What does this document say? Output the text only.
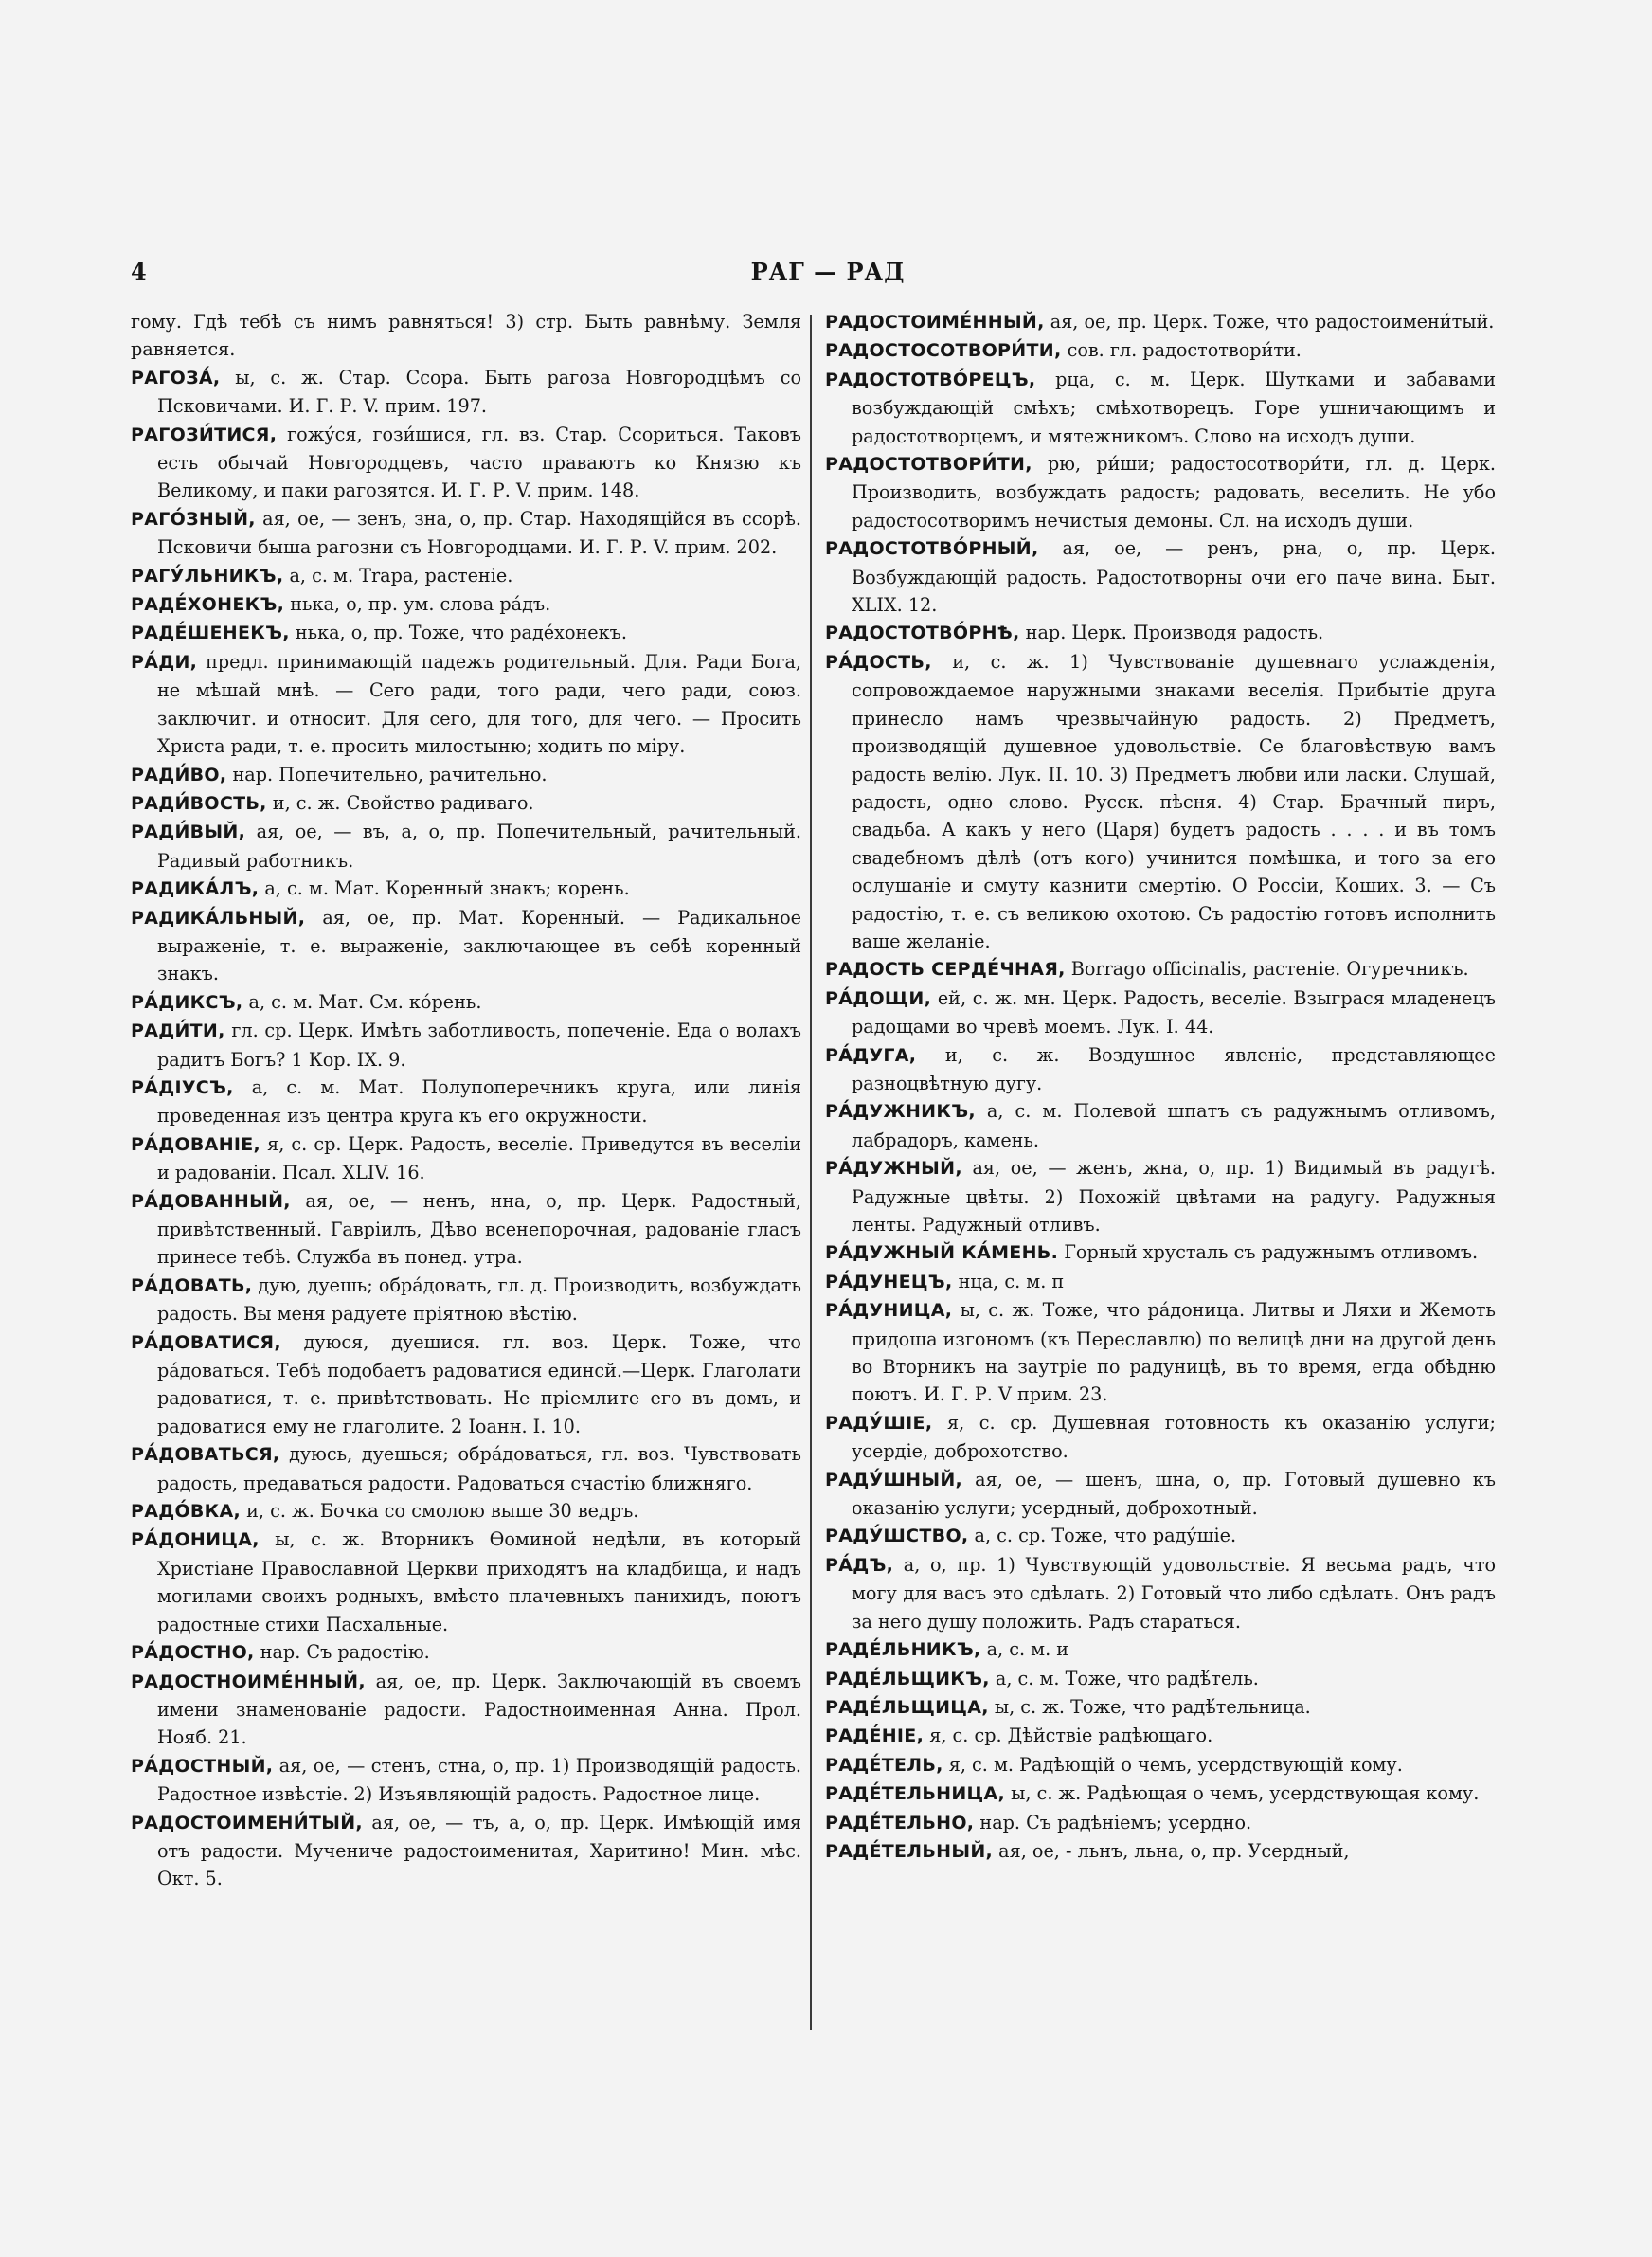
4	РАГ — РАД
гому. Гдѣ тебѣ съ нимъ равняться! 3) стр. Быть равнѣму. Земля равняется.
РАГОЗА́, ы, с. ж. Стар. Ссора. Быть рагоза Новгородцѣмъ со Псковичами. И. Г. Р. V. прим. 197.
РАГОЗИ́ТИСЯ, гожу́ся, гози́шися, гл. вз. Стар. Ссориться. Таковъ есть обычай Новгородцевъ, часто праваютъ ко Князю къ Великому, и паки рагозятся. И. Г. Р. V. прим. 148.
РАГО́ЗНЫЙ, ая, ое, — зенъ, зна, о, пр. Стар. Находящійся въ ссорѣ. Псковичи быша рагозни съ Новгородцами. И. Г. Р. V. прим. 202.
РАГУ́ЛЬНИКЪ, а, с. м. Trapa, растеніе.
РАДЕ́ХОНЕКЪ, нька, о, пр. ум. слова ра́дъ.
РАДЕ́ШЕНЕКЪ, нька, о, пр. Тоже, что раде́хонекъ.
РА́ДИ, предл. принимающій падежъ родительный. Для. Ради Бога, не мѣшай мнѣ. — Сего ради, того ради, чего ради, союз. заключит. и относит. Для сего, для того, для чего. — Просить Христа ради, т. е. просить милостыню; ходить по міру.
РАДИ́ВО, нар. Попечительно, рачительно.
РАДИ́ВОСТЬ, и, с. ж. Свойство радиваго.
РАДИ́ВЫЙ, ая, ое, — въ, а, о, пр. Попечительный, рачительный. Радивый работникъ.
РАДИКА́ЛЪ, а, с. м. Мат. Коренный знакъ; корень.
РАДИКА́ЛЬНЫЙ, ая, ое, пр. Мат. Коренный. — Радикальное выраженіе, т. е. выраженіе, заключающее въ себѣ коренный знакъ.
РА́ДИКСЪ, а, с. м. Мат. См. ко́рень.
РАДИ́ТИ, гл. ср. Церк. Имѣть заботливость, попеченіе. Еда о волахъ радитъ Богъ? 1 Кор. IX. 9.
РА́ДІУСЪ, а, с. м. Мат. Полупоперечникъ круга, или линія проведенная изъ центра круга къ его окружности.
РА́ДОВАНІЕ, я, с. ср. Церк. Радость, веселіе. Приведутся въ веселіи и радованіи. Псал. XLIV. 16.
РА́ДОВАННЫЙ, ая, ое, — ненъ, нна, о, пр. Церк. Радостный, привѣтственный. Гавріилъ, Дѣво всенепорочная, радованіе гласъ принесе тебѣ. Служба въ понед. утра.
РА́ДОВАТЬ, дую, дуешь; обра́довать, гл. д. Производить, возбуждать радость. Вы меня радуете пріятною вѣстію.
РА́ДОВАТИСЯ, дуюся, дуешися. гл. воз. Церк. Тоже, что ра́доваться. Тебѣ подобаетъ радоватися единсй.—Церк. Глаголати радоватися, т. е. привѣтствовать. Не пріемлите его въ домъ, и радоватися ему не глаголите. 2 Іоанн. I. 10.
РА́ДОВАТЬСЯ, дуюсь, дуешься; обра́доваться, гл. воз. Чувствовать радость, предаваться радости. Радоваться счастію ближняго.
РАДО́ВКА, и, с. ж. Бочка со смолою выше 30 ведръ.
РА́ДОНИЦА, ы, с. ж. Вторникъ Ѳоминой недѣли, въ который Христіане Православной Церкви приходятъ на кладбища, и надъ могилами своихъ родныхъ, вмѣсто плачевныхъ панихидъ, поютъ радостные стихи Пасхальные.
РА́ДОСТНО, нар. Съ радостію.
РАДОСТНОИМЕ́ННЫЙ, ая, ое, пр. Церк. Заключающій въ своемъ имени знаменованіе радости. Радостноименная Анна. Прол. Нояб. 21.
РА́ДОСТНЫЙ, ая, ое, — стенъ, стна, о, пр. 1) Производящій радость. Радостное извѣстіе. 2) Изъявляющій радость. Радостное лице.
РАДОСТОИМЕНИ́ТЫЙ, ая, ое, — тъ, а, о, пр. Церк. Имѣющій имя отъ радости. Мучениче радостоименитая, Харитино! Мин. мѣс. Окт. 5.
РАДОСТОИМЕ́ННЫЙ, ая, ое, пр. Церк. Тоже, что радостоимени́тый.
РАДОСТОСОТВОРИ́ТИ, сов. гл. радостотвори́ти.
РАДОСТОТВО́РЕЦЪ, рца, с. м. Церк. Шутками и забавами возбуждающій смѣхъ; смѣхотворецъ. Горе ушничающимъ и радостотворцемъ, и мятежникомъ. Слово на исходъ души.
РАДОСТОТВОРИ́ТИ, рю, ри́ши; радостосотвори́ти, гл. д. Церк. Производить, возбуждать радость; радовать, веселить. Не убо радостосотворимъ нечистыя демоны. Сл. на исходъ души.
РАДОСТОТВО́РНЫЙ, ая, ое, — ренъ, рна, о, пр. Церк. Возбуждающій радость. Радостотворны очи его паче вина. Быт. XLIX. 12.
РАДОСТОТВО́РНѢ, нар. Церк. Производя радость.
РА́ДОСТЬ, и, с. ж. 1) Чувствованіе душевнаго услажденія, сопровождаемое наружными знаками веселія. Прибытіе друга принесло намъ чрезвычайную радость. 2) Предметъ, производящій душевное удовольствіе. Се благовѣствую вамъ радость велію. Лук. II. 10. 3) Предметъ любви или ласки. Слушай, радость, одно слово. Русск. пѣсня. 4) Стар. Брачный пиръ, свадьба. А какъ у него (Царя) будетъ радость . . . . и въ томъ свадебномъ дѣлѣ (отъ кого) учинится помѣшка, и того за его ослушаніе и смуту казнити смертію. О Россіи, Коших. 3. — Съ радостію, т. е. съ великою охотою. Съ радостію готовъ исполнить ваше желаніе.
РАДОСТЬ СЕРДЕ́ЧНАЯ, Borrago officinalis, растеніе. Огуречникъ.
РА́ДОЩИ, ей, с. ж. мн. Церк. Радость, веселіе. Взыграся младенецъ радощами во чревѣ моемъ. Лук. I. 44.
РА́ДУГА, и, с. ж. Воздушное явленіе, представляющее разноцвѣтную дугу.
РА́ДУЖНИКЪ, а, с. м. Полевой шпатъ съ радужнымъ отливомъ, лабрадоръ, камень.
РА́ДУЖНЫЙ, ая, ое, — женъ, жна, о, пр. 1) Видимый въ радугѣ. Радужные цвѣты. 2) Похожій цвѣтами на радугу. Радужныя ленты. Радужный отливъ.
РА́ДУЖНЫЙ КА́МЕНЬ. Горный хрусталь съ радужнымъ отливомъ.
РА́ДУНЕЦЪ, нца, с. м. п
РА́ДУНИЦА, ы, с. ж. Тоже, что ра́доница. Литвы и Ляхи и Жемоть придоша изгономъ (къ Переславлю) по велицѣ дни на другой день во Вторникъ на заутріе по радуницѣ, въ то время, егда обѣдню поютъ. И. Г. Р. V прим. 23.
РАДУ́ШІЕ, я, с. ср. Душевная готовность къ оказанію услуги; усердіе, доброхотство.
РАДУ́ШНЫЙ, ая, ое, — шенъ, шна, о, пр. Готовый душевно къ оказанію услуги; усердный, доброхотный.
РАДУ́ШСТВО, а, с. ср. Тоже, что раду́шіе.
РА́ДЪ, а, о, пр. 1) Чувствующій удовольствіе. Я весьма радъ, что могу для васъ это сдѣлать. 2) Готовый что либо сдѣлать. Онъ радъ за него душу положить. Радъ стараться.
РАДЕ́ЛЬНИКЪ, а, с. м. и
РАДЕ́ЛЬЩИКЪ, а, с. м. Тоже, что радѣ́тель.
РАДЕ́ЛЬЩИЦА, ы, с. ж. Тоже, что радѣ́тельница.
РАДЕ́НІЕ, я, с. ср. Дѣйствіе радѣющаго.
РАДЕ́ТЕЛЬ, я, с. м. Радѣющій о чемъ, усердствующій кому.
РАДЕ́ТЕЛЬНИЦА, ы, с. ж. Радѣющая о чемъ, усердствующая кому.
РАДЕ́ТЕЛЬНО, нар. Съ радѣніемъ; усердно.
РАДЕ́ТЕЛЬНЫЙ, ая, ое, - льнъ, льна, о, пр. Усердный,
